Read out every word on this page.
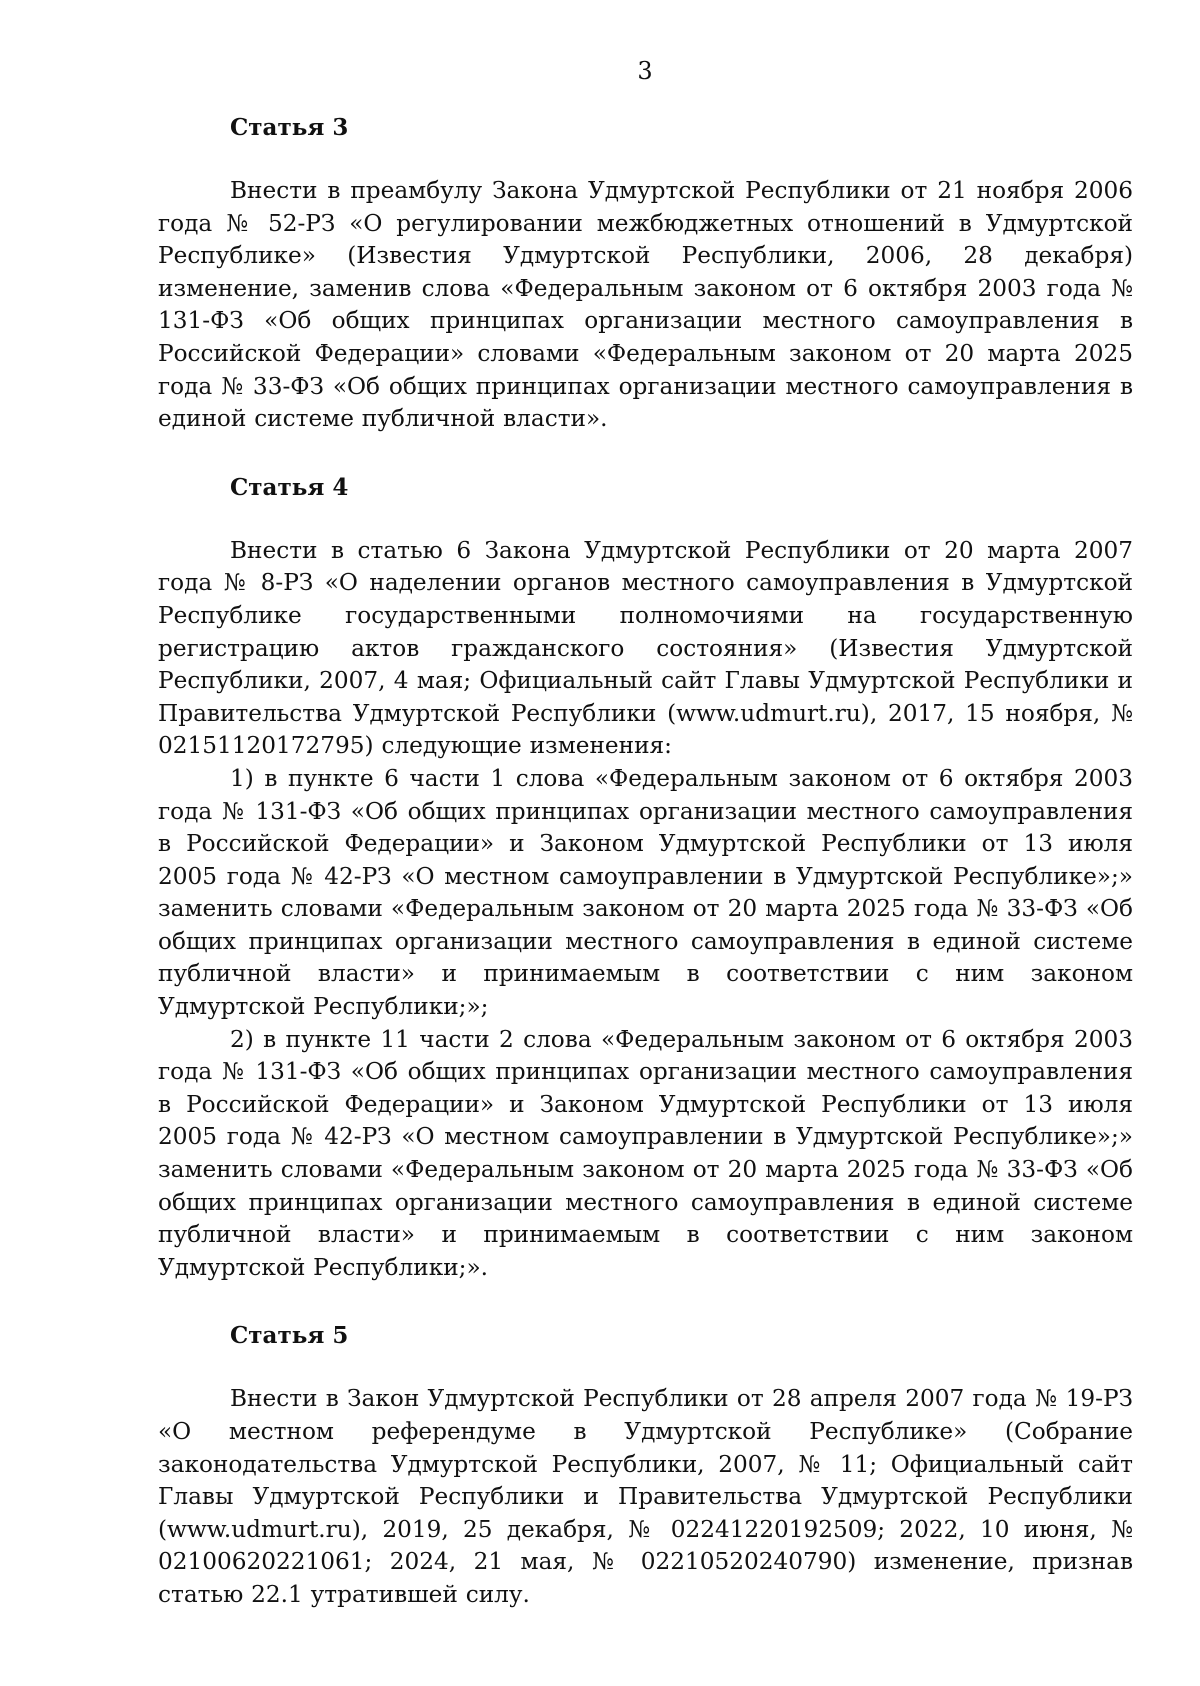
3
Статья 3

Внести в преамбулу Закона Удмуртской Республики от 21 ноября 2006 года № 52-РЗ «О регулировании межбюджетных отношений в Удмуртской Республике» (Известия Удмуртской Республики, 2006, 28 декабря) изменение, заменив слова «Федеральным законом от 6 октября 2003 года № 131-ФЗ «Об общих принципах организации местного самоуправления в Российской Федерации» словами «Федеральным законом от 20 марта 2025 года № 33-ФЗ «Об общих принципах организации местного самоуправления в единой системе публичной власти».

Статья 4

Внести в статью 6 Закона Удмуртской Республики от 20 марта 2007 года № 8-РЗ «О наделении органов местного самоуправления в Удмуртской Республике государственными полномочиями на государственную регистрацию актов гражданского состояния» (Известия Удмуртской Республики, 2007, 4 мая; Официальный сайт Главы Удмуртской Республики и Правительства Удмуртской Республики (www.udmurt.ru), 2017, 15 ноября, № 02151120172795) следующие изменения:

1) в пункте 6 части 1 слова «Федеральным законом от 6 октября 2003 года № 131-ФЗ «Об общих принципах организации местного самоуправления в Российской Федерации» и Законом Удмуртской Республики от 13 июля 2005 года № 42-РЗ «О местном самоуправлении в Удмуртской Республике»;» заменить словами «Федеральным законом от 20 марта 2025 года № 33-ФЗ «Об общих принципах организации местного самоуправления в единой системе публичной власти» и принимаемым в соответствии с ним законом Удмуртской Республики;»;

2) в пункте 11 части 2 слова «Федеральным законом от 6 октября 2003 года № 131-ФЗ «Об общих принципах организации местного самоуправления в Российской Федерации» и Законом Удмуртской Республики от 13 июля 2005 года № 42-РЗ «О местном самоуправлении в Удмуртской Республике»;» заменить словами «Федеральным законом от 20 марта 2025 года № 33-ФЗ «Об общих принципах организации местного самоуправления в единой системе публичной власти» и принимаемым в соответствии с ним законом Удмуртской Республики;».

Статья 5

Внести в Закон Удмуртской Республики от 28 апреля 2007 года № 19-РЗ «О местном референдуме в Удмуртской Республике» (Собрание законодательства Удмуртской Республики, 2007, № 11; Официальный сайт Главы Удмуртской Республики и Правительства Удмуртской Республики (www.udmurt.ru), 2019, 25 декабря, № 02241220192509; 2022, 10 июня, № 02100620221061; 2024, 21 мая, № 02210520240790) изменение, признав статью 22.1 утратившей силу.
